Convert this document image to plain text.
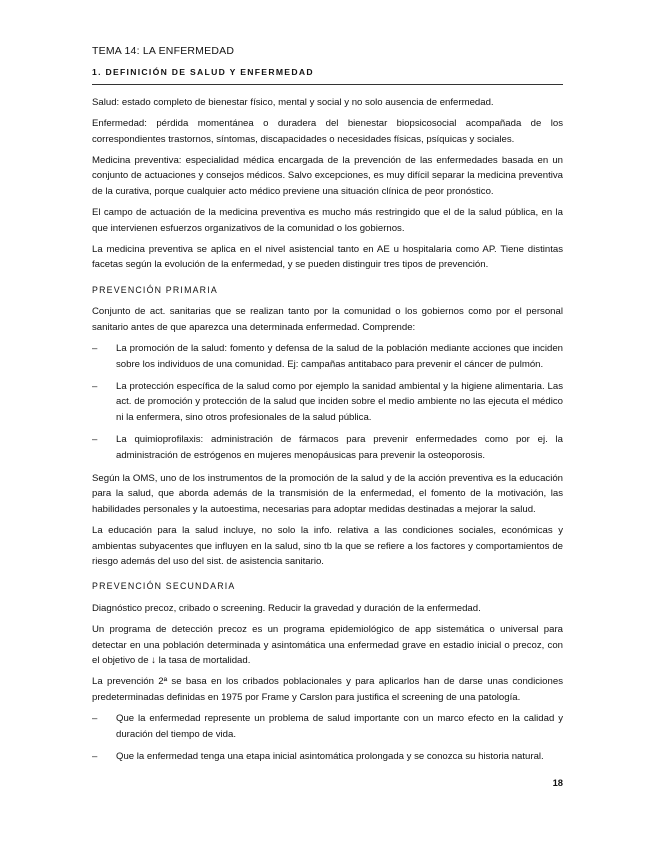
TEMA 14: LA ENFERMEDAD
1. DEFINICIÓN DE SALUD Y ENFERMEDAD

Salud: estado completo de bienestar físico, mental y social y no solo ausencia de enfermedad.

Enfermedad: pérdida momentánea o duradera del bienestar biopsicosocial acompañada de los correspondientes trastornos, síntomas, discapacidades o necesidades físicas, psíquicas y sociales.

Medicina preventiva: especialidad médica encargada de la prevención de las enfermedades basada en un conjunto de actuaciones y consejos médicos. Salvo excepciones, es muy difícil separar la medicina preventiva de la curativa, porque cualquier acto médico previene una situación clínica de peor pronóstico.

El campo de actuación de la medicina preventiva es mucho más restringido que el de la salud pública, en la que intervienen esfuerzos organizativos de la comunidad o los gobiernos.

La medicina preventiva se aplica en el nivel asistencial tanto en AE u hospitalaria como AP. Tiene distintas facetas según la evolución de la enfermedad, y se pueden distinguir tres tipos de prevención.

PREVENCIÓN PRIMARIA

Conjunto de act. sanitarias que se realizan tanto por la comunidad o los gobiernos como por el personal sanitario antes de que aparezca una determinada enfermedad. Comprende:

– La promoción de la salud: fomento y defensa de la salud de la población mediante acciones que inciden sobre los individuos de una comunidad. Ej: campañas antitabaco para prevenir el cáncer de pulmón.
– La protección específica de la salud como por ejemplo la sanidad ambiental y la higiene alimentaria. Las act. de promoción y protección de la salud que inciden sobre el medio ambiente no las ejecuta el médico ni la enfermera, sino otros profesionales de la salud pública.
– La quimioprofilaxis: administración de fármacos para prevenir enfermedades como por ej. la administración de estrógenos en mujeres menopáusicas para prevenir la osteoporosis.

Según la OMS, uno de los instrumentos de la promoción de la salud y de la acción preventiva es la educación para la salud, que aborda además de la transmisión de la enfermedad, el fomento de la motivación, las habilidades personales y la autoestima, necesarias para adoptar medidas destinadas a mejorar la salud.

La educación para la salud incluye, no solo la info. relativa a las condiciones sociales, económicas y ambientas subyacentes que influyen en la salud, sino tb la que se refiere a los factores y comportamientos de riesgo además del uso del sist. de asistencia sanitario.

PREVENCIÓN SECUNDARIA

Diagnóstico precoz, cribado o screening. Reducir la gravedad y duración de la enfermedad.

Un programa de detección precoz es un programa epidemiológico de app sistemática o universal para detectar en una población determinada y asintomática una enfermedad grave en estadio inicial o precoz, con el objetivo de ↓ la tasa de mortalidad.

La prevención 2ª se basa en los cribados poblacionales y para aplicarlos han de darse unas condiciones predeterminadas definidas en 1975 por Frame y Carslon para justifica el screening de una patología.

– Que la enfermedad represente un problema de salud importante con un marco efecto en la calidad y duración del tiempo de vida.
– Que la enfermedad tenga una etapa inicial asintomática prolongada y se conozca su historia natural.
18
